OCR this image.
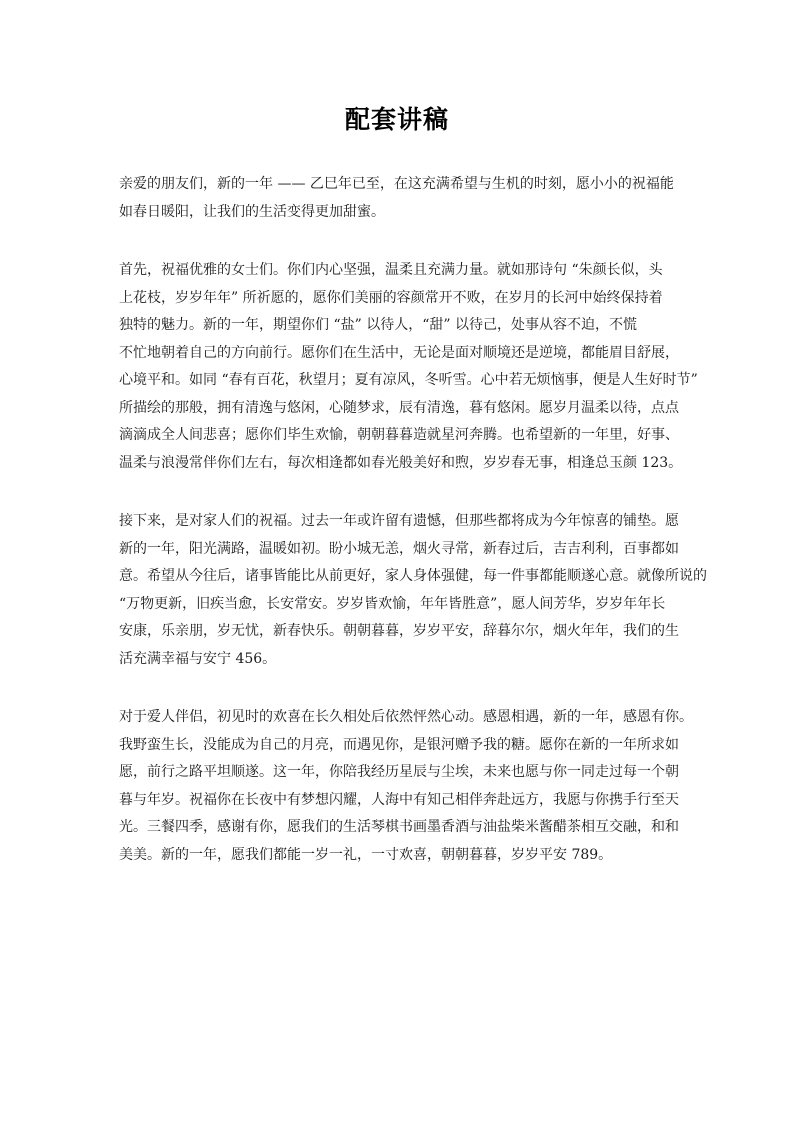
配套讲稿
亲爱的朋友们，新的一年 —— 乙巳年已至，在这充满希望与生机的时刻，愿小小的祝福能
如春日暖阳，让我们的生活变得更加甜蜜。
首先，祝福优雅的女士们。你们内心坚强，温柔且充满力量。就如那诗句 “朱颜长似，头
上花枝，岁岁年年” 所祈愿的，愿你们美丽的容颜常开不败，在岁月的长河中始终保持着
独特的魅力。新的一年，期望你们 “盐” 以待人，“甜” 以待己，处事从容不迫，不慌
不忙地朝着自己的方向前行。愿你们在生活中，无论是面对顺境还是逆境，都能眉目舒展，
心境平和。如同 “春有百花，秋望月；夏有凉风，冬听雪。心中若无烦恼事，便是人生好时节”
所描绘的那般，拥有清逸与悠闲，心随梦求，辰有清逸，暮有悠闲。愿岁月温柔以待，点点
滴滴成全人间悲喜；愿你们毕生欢愉，朝朝暮暮造就星河奔腾。也希望新的一年里，好事、
温柔与浪漫常伴你们左右，每次相逢都如春光般美好和煦，岁岁春无事，相逢总玉颜 123。
接下来，是对家人们的祝福。过去一年或许留有遗憾，但那些都将成为今年惊喜的铺垫。愿
新的一年，阳光满路，温暖如初。盼小城无恙，烟火寻常，新春过后，吉吉利利，百事都如
意。希望从今往后，诸事皆能比从前更好，家人身体强健，每一件事都能顺遂心意。就像所说的
“万物更新，旧疾当愈，长安常安。岁岁皆欢愉，年年皆胜意”，愿人间芳华，岁岁年年长
安康，乐亲朋，岁无忧，新春快乐。朝朝暮暮，岁岁平安，辞暮尔尔，烟火年年，我们的生
活充满幸福与安宁 456。
对于爱人伴侣，初见时的欢喜在长久相处后依然怦然心动。感恩相遇，新的一年，感恩有你。
我野蛮生长，没能成为自己的月亮，而遇见你，是银河赠予我的糖。愿你在新的一年所求如
愿，前行之路平坦顺遂。这一年，你陪我经历星辰与尘埃，未来也愿与你一同走过每一个朝
暮与年岁。祝福你在长夜中有梦想闪耀，人海中有知己相伴奔赴远方，我愿与你携手行至天
光。三餐四季，感谢有你，愿我们的生活琴棋书画墨香酒与油盐柴米酱醋茶相互交融，和和
美美。新的一年，愿我们都能一岁一礼，一寸欢喜，朝朝暮暮，岁岁平安 789。
